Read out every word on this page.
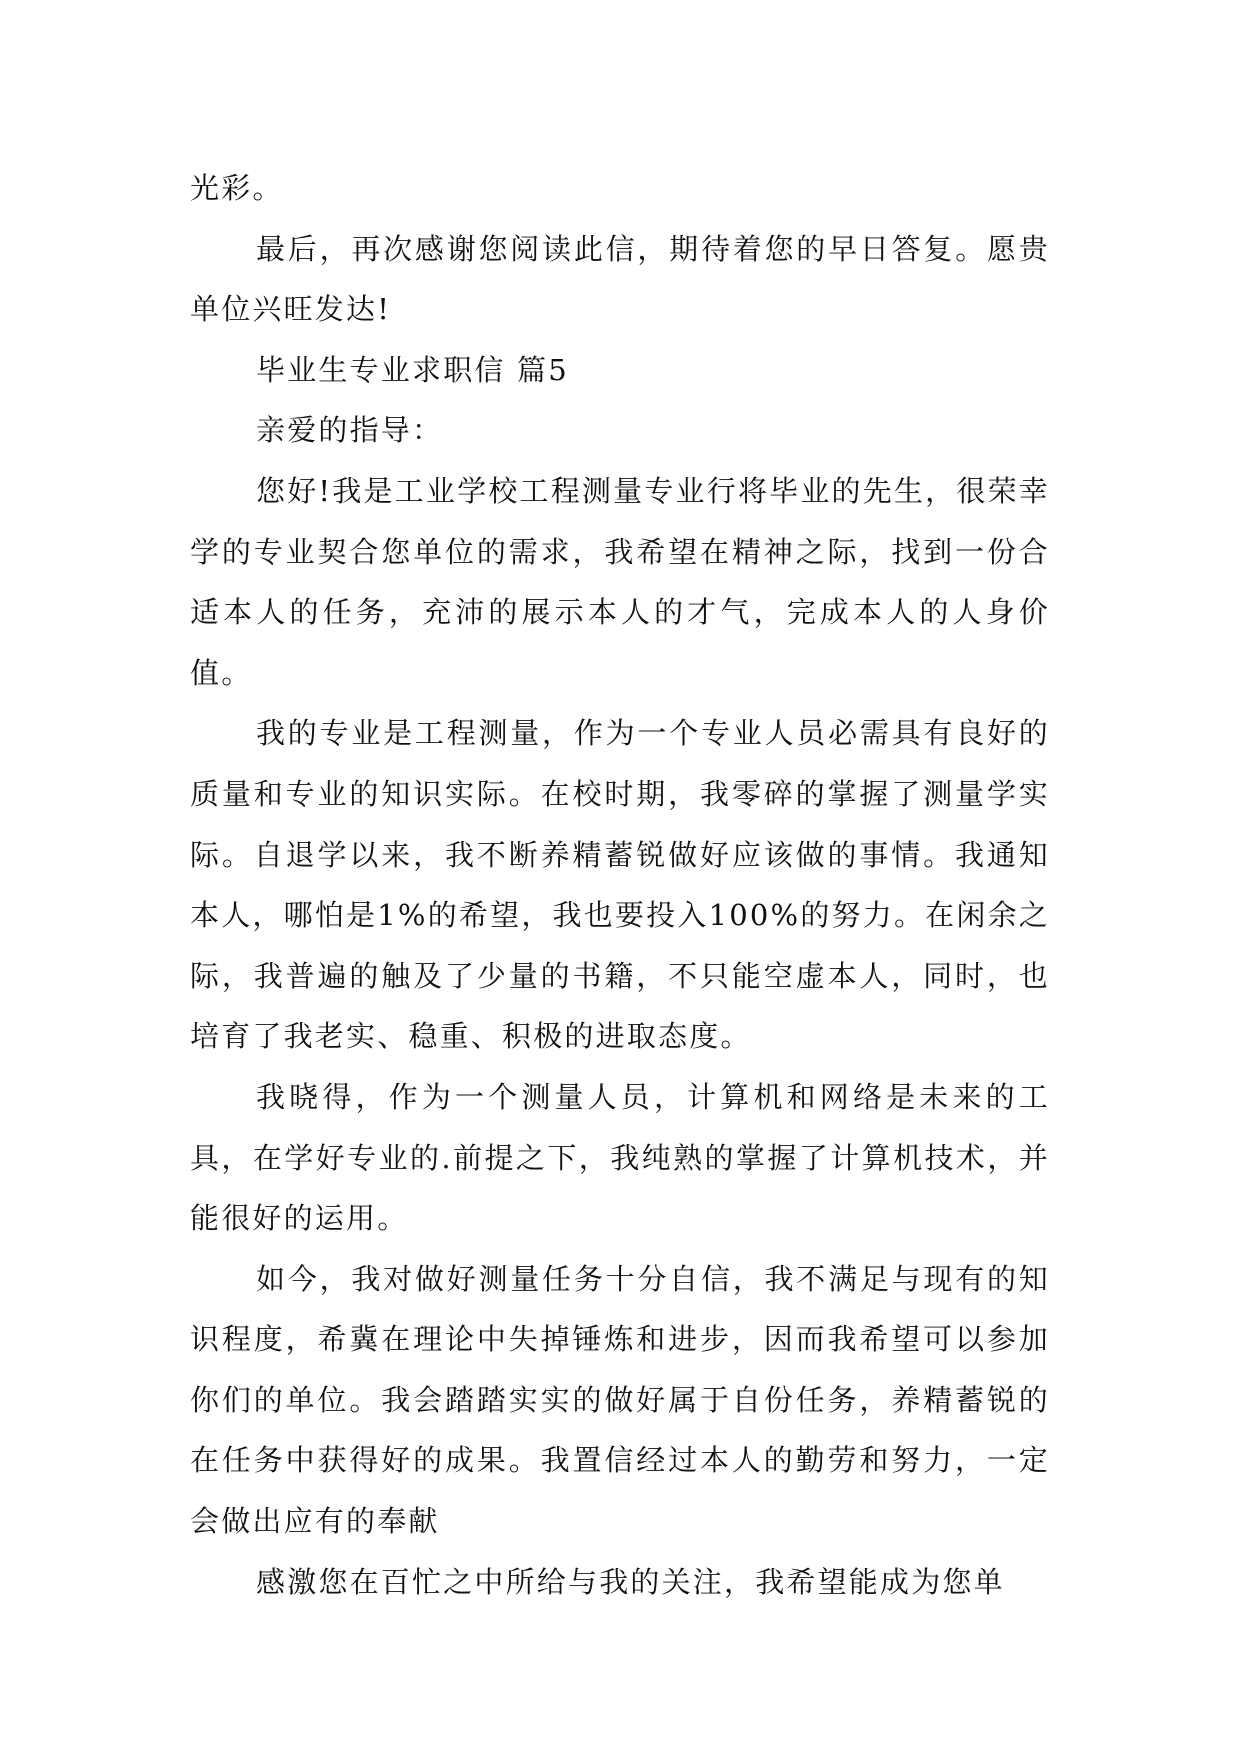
光彩。

最后，再次感谢您阅读此信，期待着您的早日答复。愿贵单位兴旺发达!

毕业生专业求职信 篇5

亲爱的指导：

您好!我是工业学校工程测量专业行将毕业的先生，很荣幸学的专业契合您单位的需求，我希望在精神之际，找到一份合适本人的任务，充沛的展示本人的才气，完成本人的人身价值。

我的专业是工程测量，作为一个专业人员必需具有良好的质量和专业的知识实际。在校时期，我零碎的掌握了测量学实际。自退学以来，我不断养精蓄锐做好应该做的事情。我通知本人，哪怕是1%的希望，我也要投入100%的努力。在闲余之际，我普遍的触及了少量的书籍，不只能空虚本人，同时，也培育了我老实、稳重、积极的进取态度。

我晓得，作为一个测量人员，计算机和网络是未来的工具，在学好专业的.前提之下，我纯熟的掌握了计算机技术，并能很好的运用。

如今，我对做好测量任务十分自信，我不满足与现有的知识程度，希冀在理论中失掉锤炼和进步，因而我希望可以参加你们的单位。我会踏踏实实的做好属于自份任务，养精蓄锐的在任务中获得好的成果。我置信经过本人的勤劳和努力，一定会做出应有的奉献

感激您在百忙之中所给与我的关注，我希望能成为您单
